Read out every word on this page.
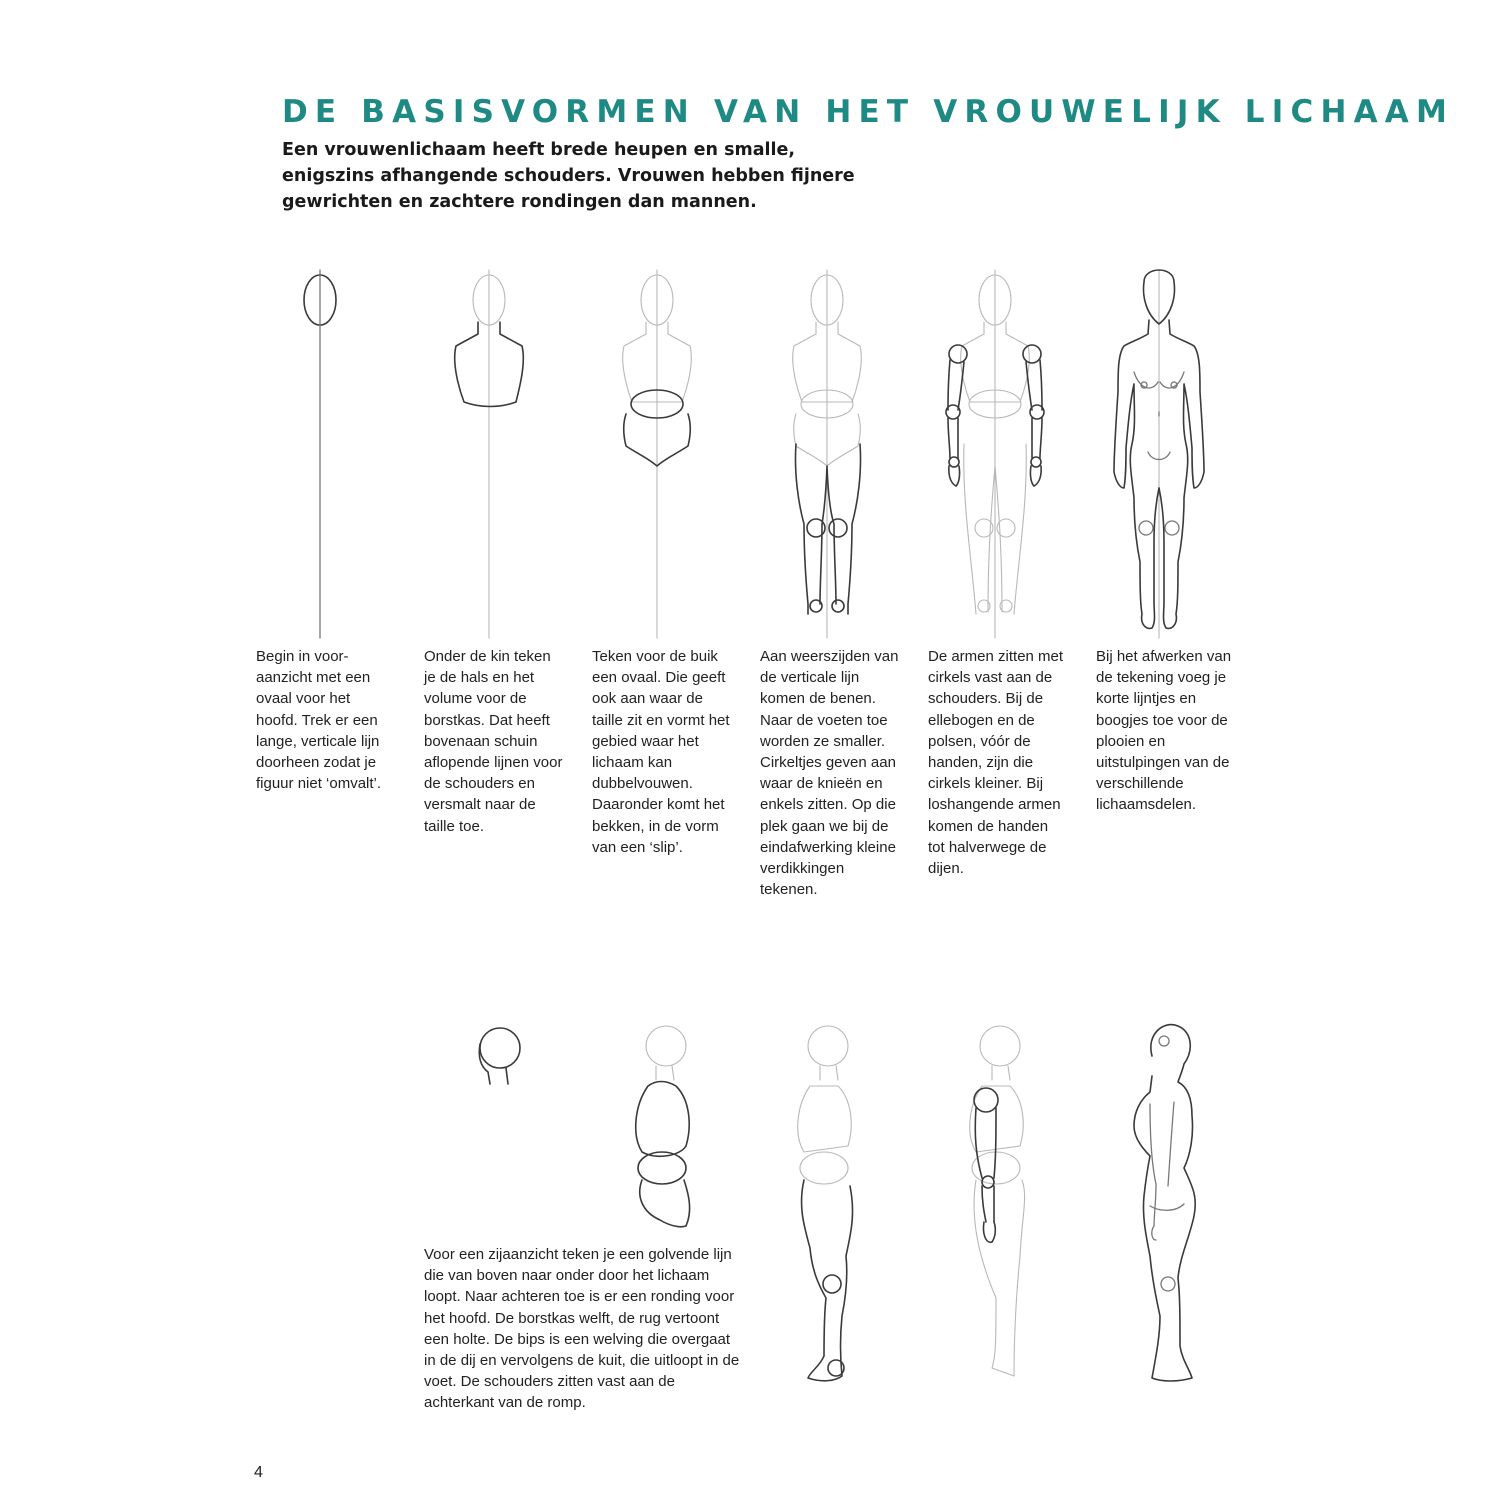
DE BASISVORMEN VAN HET VROUWELIJK LICHAAM

Een vrouwenlichaam heeft brede heupen en smalle, enigszins afhangende schouders. Vrouwen hebben fijnere gewrichten en zachtere rondingen dan mannen.

Begin in voor-aanzicht met een ovaal voor het hoofd. Trek er een lange, verticale lijn doorheen zodat je figuur niet ‘omvalt’.

Onder de kin teken je de hals en het volume voor de borstkas. Dat heeft bovenaan schuin aflopende lijnen voor de schouders en versmalt naar de taille toe.

Teken voor de buik een ovaal. Die geeft ook aan waar de taille zit en vormt het gebied waar het lichaam kan dubbelvouwen. Daaronder komt het bekken, in de vorm van een ‘slip’.

Aan weerszijden van de verticale lijn komen de benen. Naar de voeten toe worden ze smaller. Cirkeltjes geven aan waar de knieën en enkels zitten. Op die plek gaan we bij de eindafwerking kleine verdikkingen tekenen.

De armen zitten met cirkels vast aan de schouders. Bij de ellebogen en de polsen, vóór de handen, zijn die cirkels kleiner. Bij loshangende armen komen de handen tot halverwege de dijen.

Bij het afwerken van de tekening voeg je korte lijntjes en boogjes toe voor de plooien en uitstulpingen van de verschillende lichaamsdelen.

Voor een zijaanzicht teken je een golvende lijn die van boven naar onder door het lichaam loopt. Naar achteren toe is er een ronding voor het hoofd. De borstkas welft, de rug vertoont een holte. De bips is een welving die overgaat in de dij en vervolgens de kuit, die uitloopt in de voet. De schouders zitten vast aan de achterkant van de romp.

4
